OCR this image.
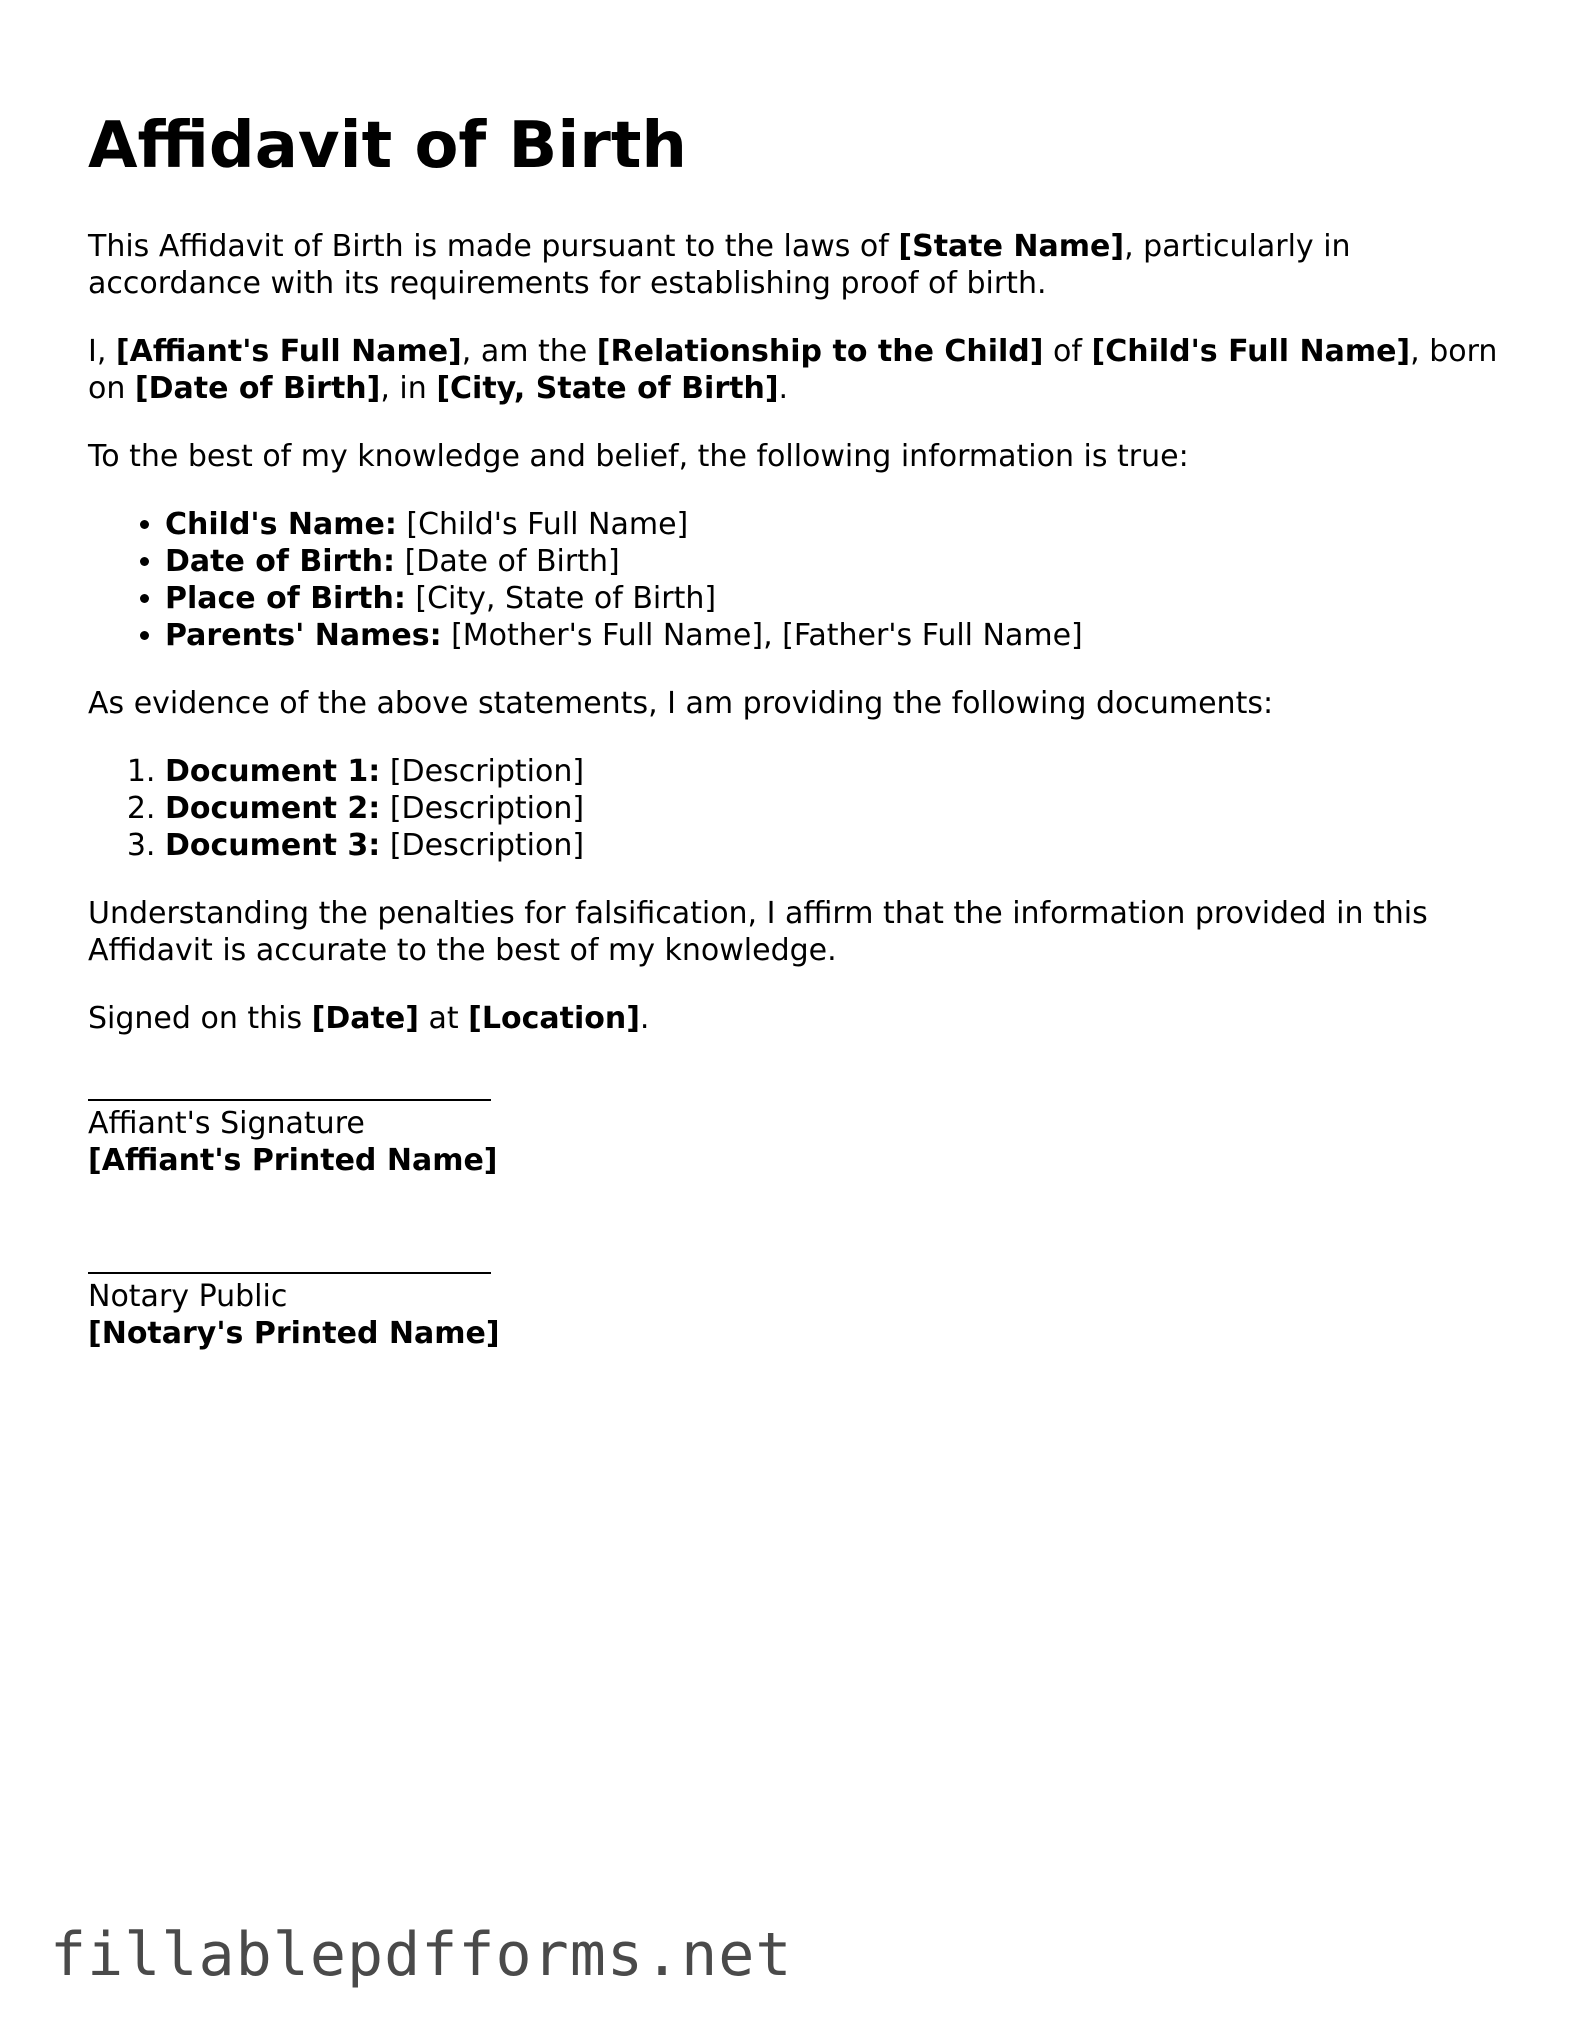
Affidavit of Birth

This Affidavit of Birth is made pursuant to the laws of [State Name], particularly in accordance with its requirements for establishing proof of birth.

I, [Affiant's Full Name], am the [Relationship to the Child] of [Child's Full Name], born on [Date of Birth], in [City, State of Birth].

To the best of my knowledge and belief, the following information is true:

• Child's Name: [Child's Full Name]
• Date of Birth: [Date of Birth]
• Place of Birth: [City, State of Birth]
• Parents' Names: [Mother's Full Name], [Father's Full Name]

As evidence of the above statements, I am providing the following documents:

1. Document 1: [Description]
2. Document 2: [Description]
3. Document 3: [Description]

Understanding the penalties for falsification, I affirm that the information provided in this Affidavit is accurate to the best of my knowledge.

Signed on this [Date] at [Location].

Affiant's Signature
[Affiant's Printed Name]
Notary Public
[Notary's Printed Name]
fillablepdfforms.net
